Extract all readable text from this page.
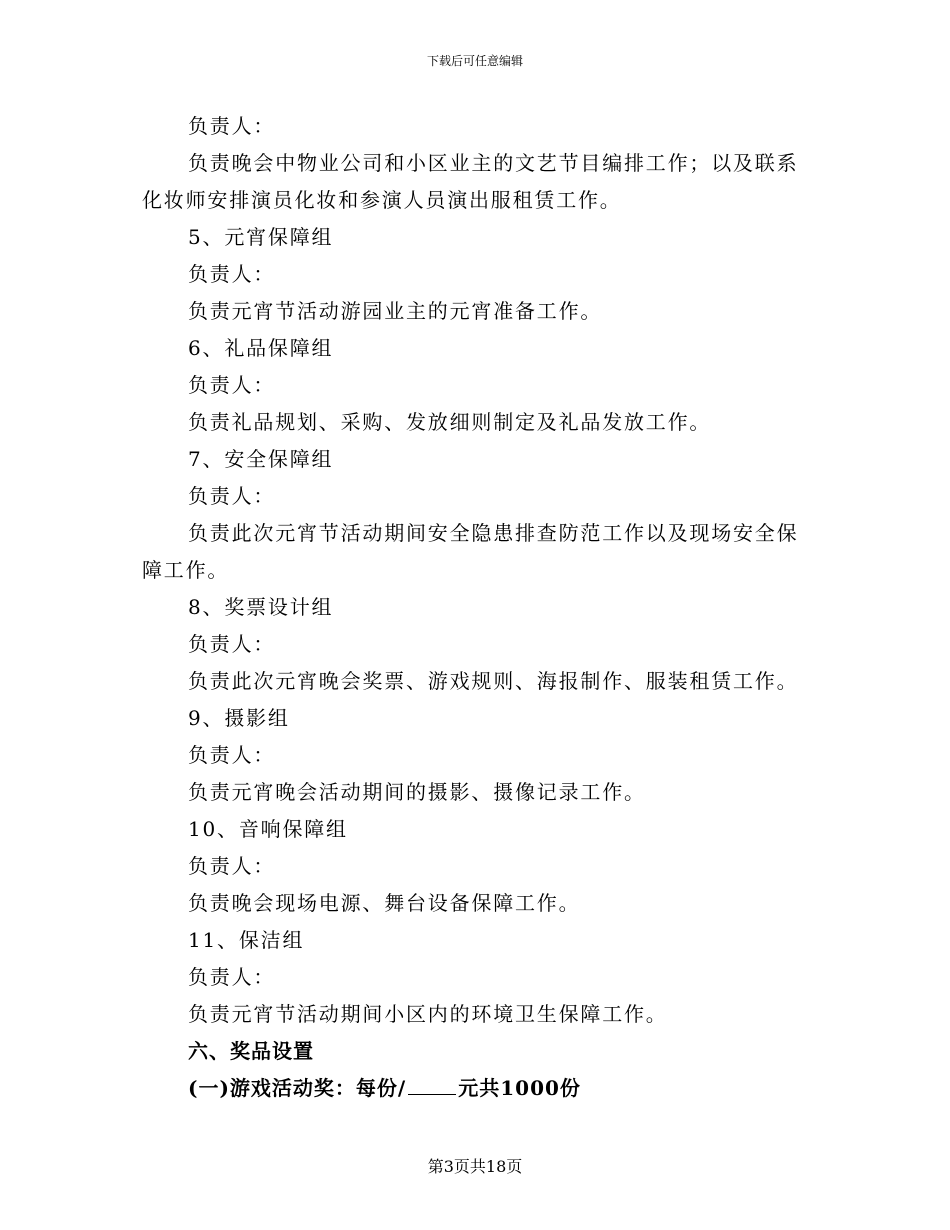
下载后可任意编辑
负责人：
负责晚会中物业公司和小区业主的文艺节目编排工作；以及联系
化妆师安排演员化妆和参演人员演出服租赁工作。
5、元宵保障组
负责人：
负责元宵节活动游园业主的元宵准备工作。
6、礼品保障组
负责人：
负责礼品规划、采购、发放细则制定及礼品发放工作。
7、安全保障组
负责人：
负责此次元宵节活动期间安全隐患排查防范工作以及现场安全保
障工作。
8、奖票设计组
负责人：
负责此次元宵晚会奖票、游戏规则、海报制作、服装租赁工作。
9、摄影组
负责人：
负责元宵晚会活动期间的摄影、摄像记录工作。
10、音响保障组
负责人：
负责晚会现场电源、舞台设备保障工作。
11、保洁组
负责人：
负责元宵节活动期间小区内的环境卫生保障工作。
六、奖品设置
(一)游戏活动奖：每份/	元共1000份
第3页共18页
